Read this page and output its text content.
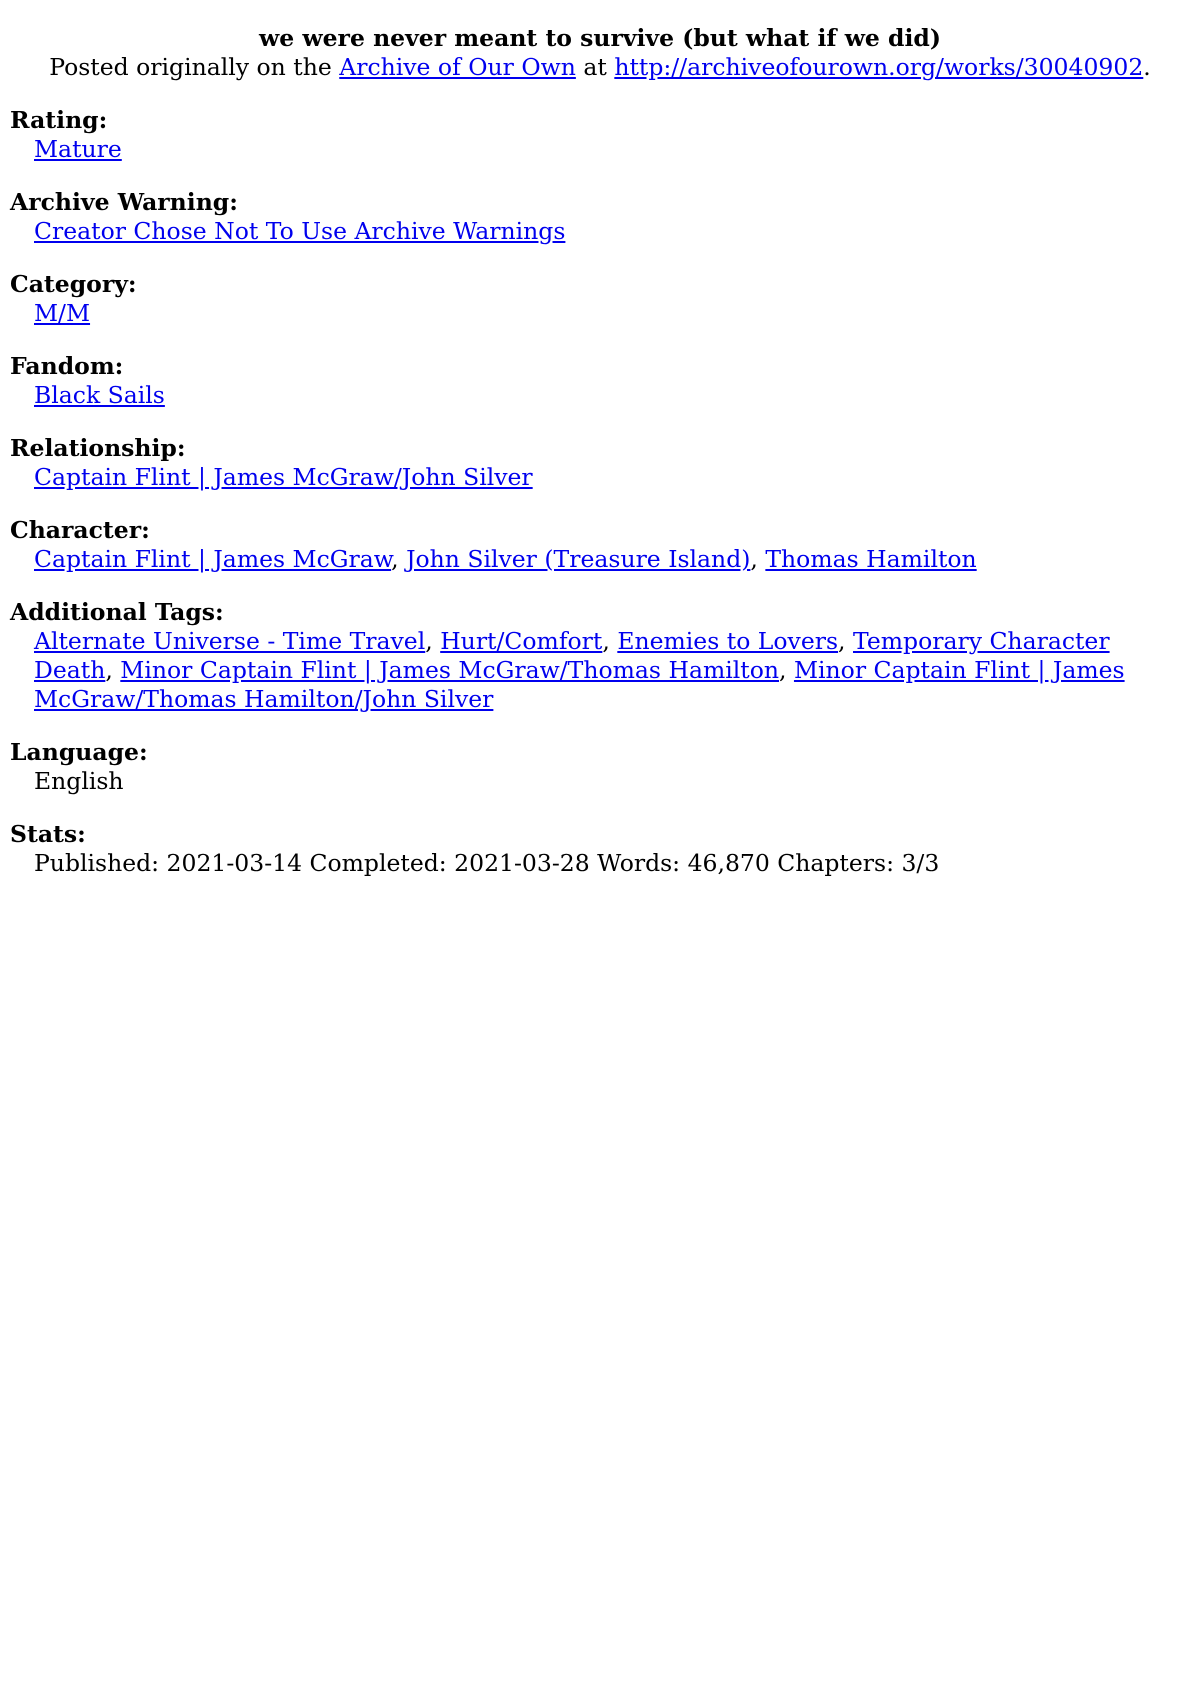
we were never meant to survive (but what if we did)
Posted originally on the Archive of Our Own at http://archiveofourown.org/works/30040902.
Rating:
Mature
Archive Warning:
Creator Chose Not To Use Archive Warnings
Category:
M/M
Fandom:
Black Sails
Relationship:
Captain Flint | James McGraw/John Silver
Character:
Captain Flint | James McGraw, John Silver (Treasure Island), Thomas Hamilton
Additional Tags:
Alternate Universe - Time Travel, Hurt/Comfort, Enemies to Lovers, Temporary Character Death, Minor Captain Flint | James McGraw/Thomas Hamilton, Minor Captain Flint | James McGraw/Thomas Hamilton/John Silver
Language:
English
Stats:
Published: 2021-03-14 Completed: 2021-03-28 Words: 46,870 Chapters: 3/3
